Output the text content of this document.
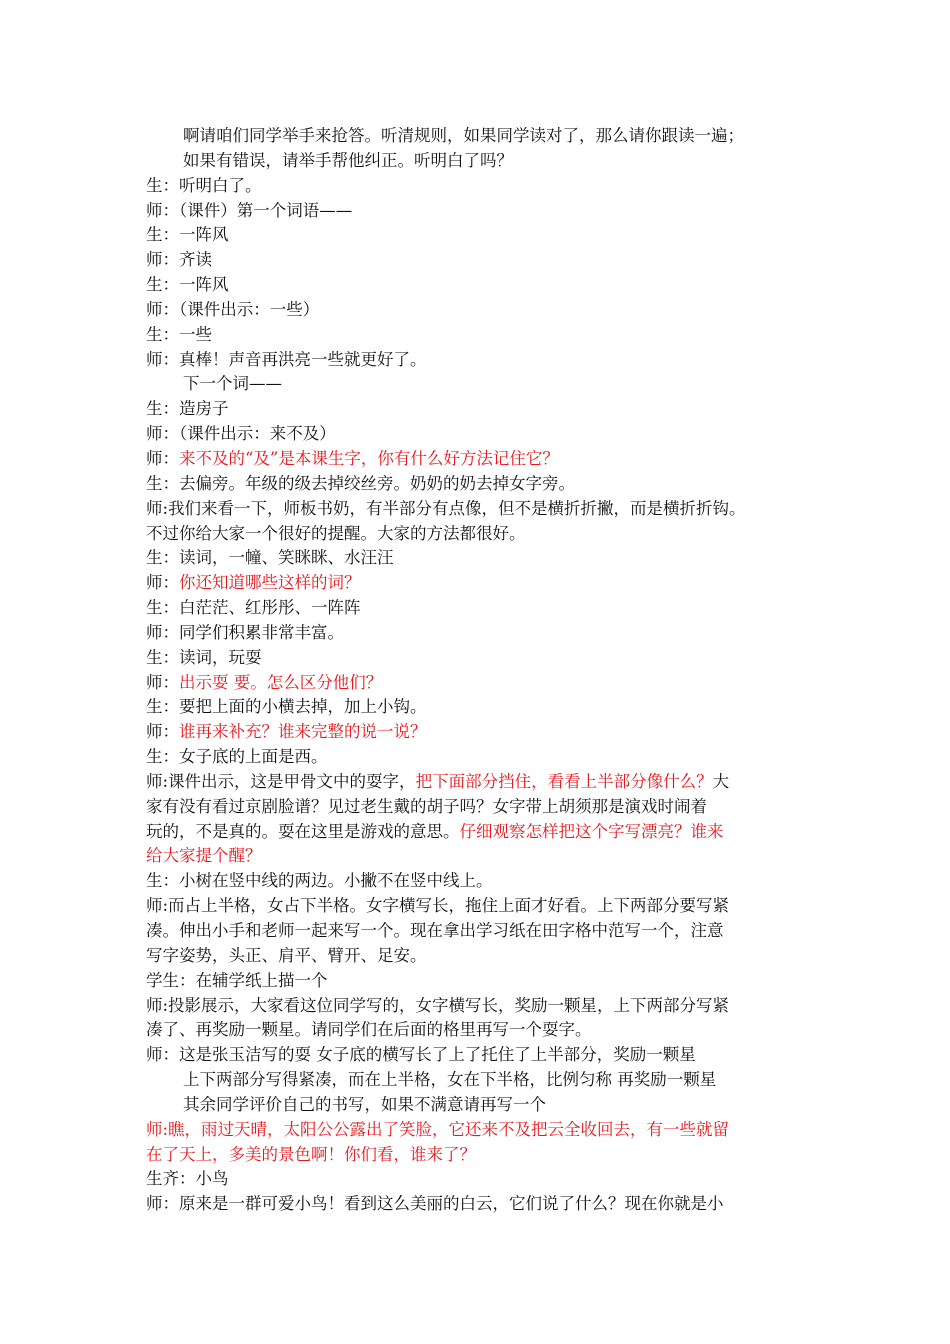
啊请咱们同学举手来抢答。听清规则，如果同学读对了，那么请你跟读一遍；
如果有错误，请举手帮他纠正。听明白了吗？
生：听明白了。
师：（课件）第一个词语——
生：一阵风
师：齐读
生：一阵风
师：（课件出示：一些）
生：一些
师：真棒！声音再洪亮一些就更好了。
下一个词——
生：造房子
师：（课件出示：来不及）
师：来不及的“及”是本课生字，你有什么好方法记住它？
生：去偏旁。年级的级去掉绞丝旁。奶奶的奶去掉女字旁。
师:我们来看一下，师板书奶，有半部分有点像，但不是横折折撇，而是横折折钩。
不过你给大家一个很好的提醒。大家的方法都很好。
生：读词，一幢、笑眯眯、水汪汪
师：你还知道哪些这样的词？
生：白茫茫、红彤彤、一阵阵
师：同学们积累非常丰富。
生：读词，玩耍
师：出示耍 要。怎么区分他们？
生：要把上面的小横去掉，加上小钩。
师：谁再来补充？谁来完整的说一说？
生：女子底的上面是西。
师:课件出示，这是甲骨文中的耍字，把下面部分挡住，看看上半部分像什么？大
家有没有看过京剧脸谱？见过老生戴的胡子吗？女字带上胡须那是演戏时闹着
玩的，不是真的。耍在这里是游戏的意思。仔细观察怎样把这个字写漂亮？谁来
给大家提个醒？
生：小树在竖中线的两边。小撇不在竖中线上。
师:而占上半格，女占下半格。女字横写长，拖住上面才好看。上下两部分要写紧
凑。伸出小手和老师一起来写一个。现在拿出学习纸在田字格中范写一个，注意
写字姿势，头正、肩平、臂开、足安。
学生：在辅学纸上描一个
师:投影展示，大家看这位同学写的，女字横写长，奖励一颗星，上下两部分写紧
凑了、再奖励一颗星。请同学们在后面的格里再写一个耍字。
师：这是张玉洁写的耍 女子底的横写长了上了托住了上半部分，奖励一颗星
上下两部分写得紧凑，而在上半格，女在下半格，比例匀称 再奖励一颗星
其余同学评价自己的书写，如果不满意请再写一个
师:瞧，雨过天晴，太阳公公露出了笑脸，它还来不及把云全收回去，有一些就留
在了天上，多美的景色啊！你们看，谁来了？
生齐：小鸟
师：原来是一群可爱小鸟！看到这么美丽的白云，它们说了什么？现在你就是小
